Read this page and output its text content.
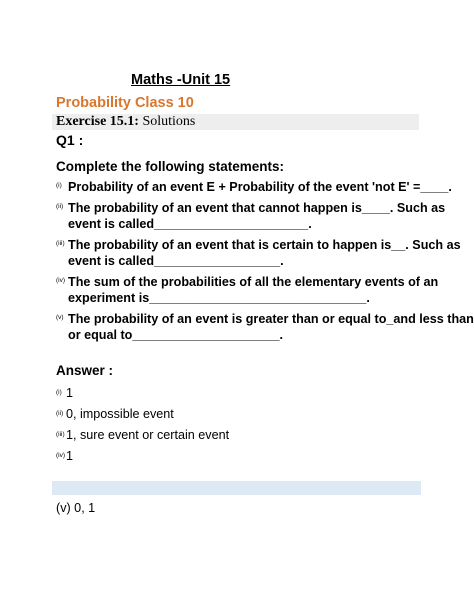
Maths -Unit 15
Probability Class 10
Exercise 15.1: Solutions
Q1 :
Complete the following statements:
(i) Probability of an event E + Probability of the event 'not E' =____.
(ii) The probability of an event that cannot happen is____. Such as event is called______________________.
(iii) The probability of an event that is certain to happen is__. Such as event is called__________________.
(iv) The sum of the probabilities of all the elementary events of an experiment is_______________________________.
(v) The probability of an event is greater than or equal to_and less than or equal to_____________________.
Answer :
(i) 1
(ii) 0, impossible event
(iii) 1, sure event or certain event
(iv) 1
(v) 0, 1
